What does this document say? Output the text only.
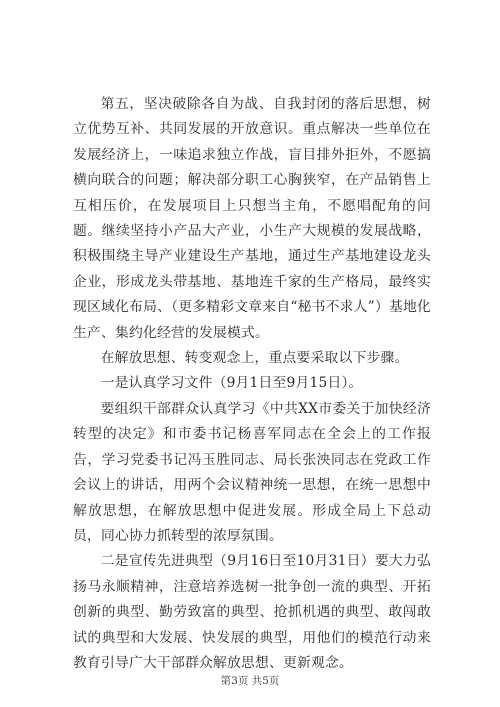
第五，坚决破除各自为战、自我封闭的落后思想，树立优势互补、共同发展的开放意识。重点解决一些单位在发展经济上，一味追求独立作战，盲目排外拒外，不愿搞横向联合的问题；解决部分职工心胸狭窄，在产品销售上互相压价，在发展项目上只想当主角，不愿唱配角的问题。继续坚持小产品大产业，小生产大规模的发展战略，积极围绕主导产业建设生产基地，通过生产基地建设龙头企业，形成龙头带基地、基地连千家的生产格局，最终实现区域化布局、（更多精彩文章来自“秘书不求人”）基地化生产、集约化经营的发展模式。

在解放思想、转变观念上，重点要采取以下步骤。

一是认真学习文件（9月1日至9月15日）。

要组织干部群众认真学习《中共XX市委关于加快经济转型的决定》和市委书记杨喜军同志在全会上的工作报告，学习党委书记冯玉胜同志、局长张泱同志在党政工作会议上的讲话，用两个会议精神统一思想，在统一思想中解放思想，在解放思想中促进发展。形成全局上下总动员，同心协力抓转型的浓厚氛围。

二是宣传先进典型（9月16日至10月31日）要大力弘扬马永顺精神，注意培养选树一批争创一流的典型、开拓创新的典型、勤劳致富的典型、抢抓机遇的典型、敢闯敢试的典型和大发展、快发展的典型，用他们的模范行动来教育引导广大干部群众解放思想、更新观念。

第3页 共5页
